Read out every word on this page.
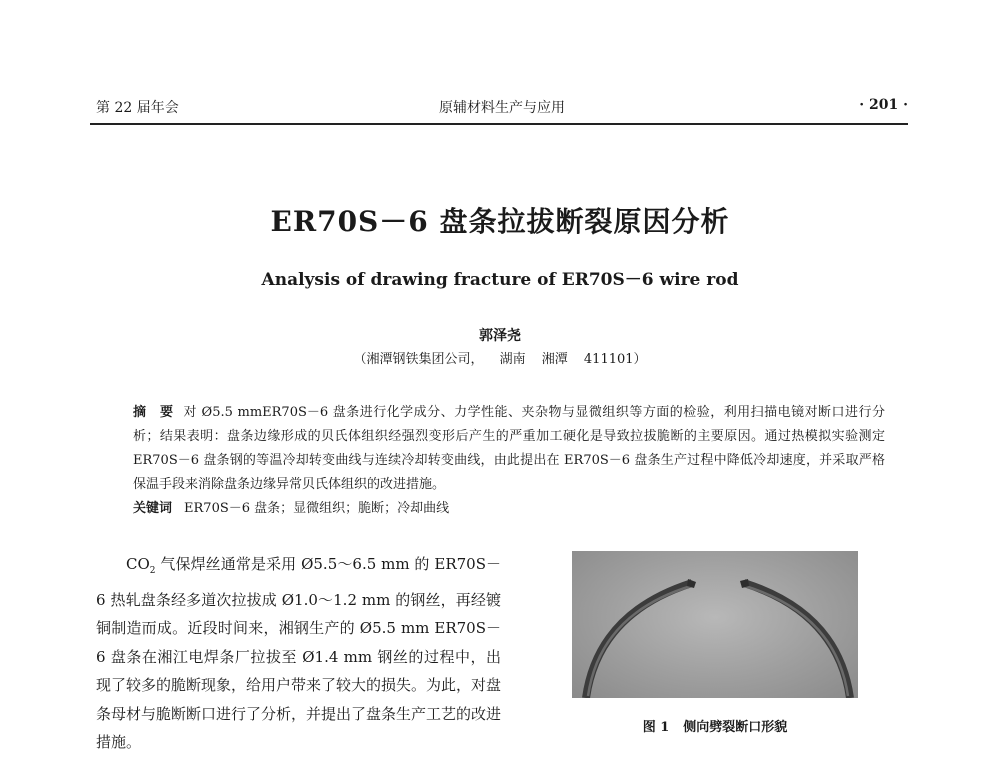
第 22 届年会	原辅材料生产与应用	· 201 ·
ER70S－6 盘条拉拔断裂原因分析
Analysis of drawing fracture of ER70S－6 wire rod
郭泽尧
（湘潭钢铁集团公司， 湖南 湘潭 411101）
摘　要 对 Ø5.5 mmER70S－6 盘条进行化学成分、力学性能、夹杂物与显微组织等方面的检验，利用扫描电镜对断口进行分析；结果表明：盘条边缘形成的贝氏体组织经强烈变形后产生的严重加工硬化是导致拉拔脆断的主要原因。通过热模拟实验测定 ER70S－6 盘条钢的等温冷却转变曲线与连续冷却转变曲线，由此提出在 ER70S－6 盘条生产过程中降低冷却速度，并采取严格保温手段来消除盘条边缘异常贝氏体组织的改进措施。
关键词 ER70S－6 盘条；显微组织；脆断；冷却曲线
$CO_2$ 气保焊丝通常是采用 Ø5.5～6.5 mm 的 ER70S－6 热轧盘条经多道次拉拔成 Ø1.0～1.2 mm 的钢丝，再经镀铜制造而成。近段时间来，湘钢生产的 Ø5.5 mm ER70S－6 盘条在湘江电焊条厂拉拔至 Ø1.4 mm 钢丝的过程中，出现了较多的脆断现象，给用户带来了较大的损失。为此，对盘条母材与脆断断口进行了分析，并提出了盘条生产工艺的改进措施。
图 1 侧向劈裂断口形貌
